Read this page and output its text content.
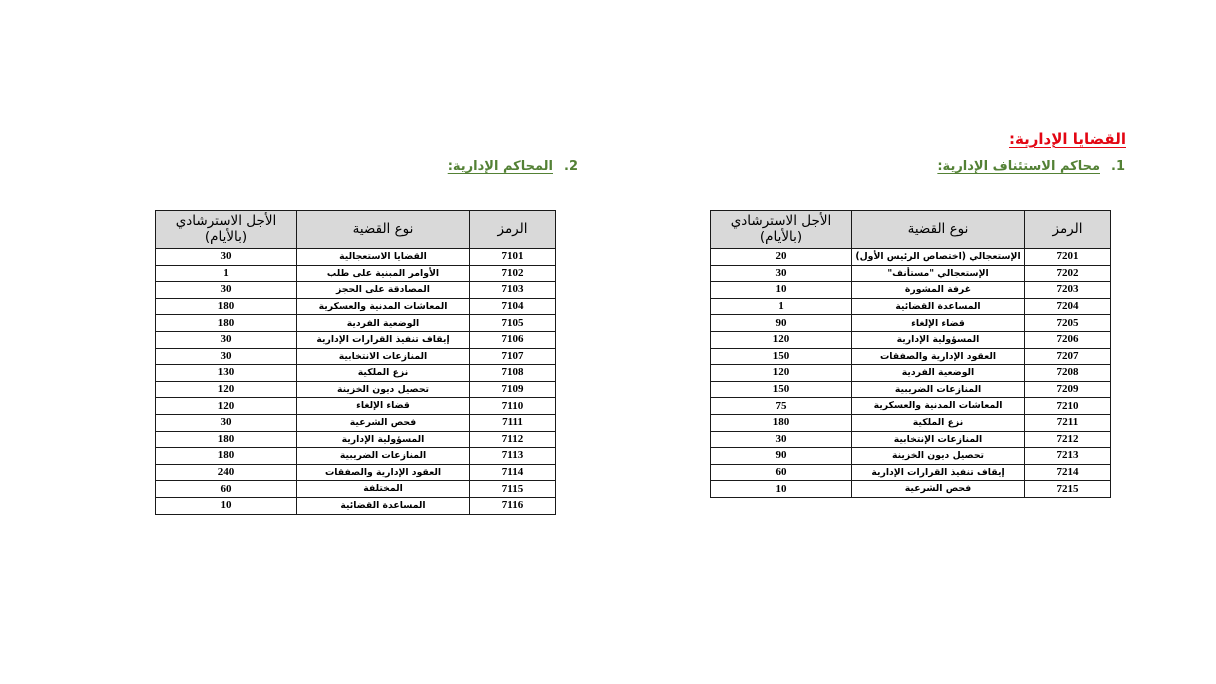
القضايا الإدارية:
1.محاكم الاستئناف الإدارية:
2.المحاكم الإدارية:
الرمز	نوع القضية	الأجل الاسترشادي
(بالأيام)

7201	الإستعجالي (اختصاص الرئيس الأول)	20
7202	الإستعجالي "مستأنف"	30
7203	غرفة المشورة	10
7204	المساعدة القضائية	1
7205	قضاء الإلغاء	90
7206	المسؤولية الإدارية	120
7207	العقود الإدارية والصفقات	150
7208	الوضعية الفردية	120
7209	المنازعات الضريبية	150
7210	المعاشات المدنية والعسكرية	75
7211	نزع الملكية	180
7212	المنازعات الإنتخابية	30
7213	تحصيل ديون الخزينة	90
7214	إيقاف تنفيذ القرارات الإدارية	60
7215	فحص الشرعية	10
الرمز	نوع القضية	الأجل الاسترشادي
(بالأيام)

7101	القضايا الاستعجالية	30
7102	الأوامر المبنية على طلب	1
7103	المصادقة على الحجز	30
7104	المعاشات المدنية والعسكرية	180
7105	الوضعية الفردية	180
7106	إيقاف تنفيذ القرارات الإدارية	30
7107	المنازعات الانتخابية	30
7108	نزع الملكية	130
7109	تحصيل ديون الخزينة	120
7110	قضاء الإلغاء	120
7111	فحص الشرعية	30
7112	المسؤولية الإدارية	180
7113	المنازعات الضريبية	180
7114	العقود الإدارية والصفقات	240
7115	المختلفة	60
7116	المساعدة القضائية	10
